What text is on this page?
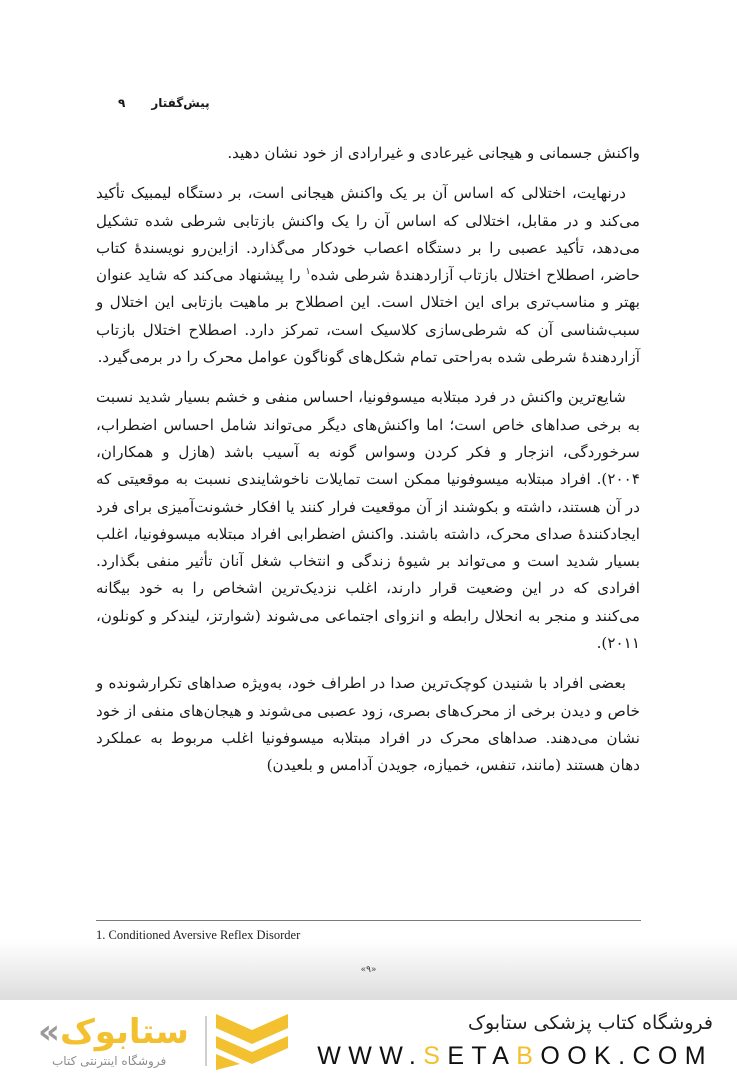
پیش‌گفتار
۹

واکنش جسمانی و هیجانی غیرعادی و غیرارادی از خود نشان دهید.

درنهایت، اختلالی که اساس آن بر یک واکنش هیجانی است، بر دستگاه لیمبیک تأکید می‌کند و در مقابل، اختلالی که اساس آن را یک واکنش بازتابی شرطی شده تشکیل می‌دهد، تأکید عصبی را بر دستگاه اعصاب خودکار می‌گذارد. ازاین‌رو نویسندهٔ کتاب حاضر، اصطلاح اختلال بازتاب آزاردهندهٔ شرطی شده$^۱$ را پیشنهاد می‌کند که شاید عنوان بهتر و مناسب‌تری برای این اختلال است. این اصطلاح بر ماهیت بازتابی این اختلال و سبب‌شناسی آن که شرطی‌سازی کلاسیک است، تمرکز دارد. اصطلاح اختلال بازتاب آزاردهندهٔ شرطی شده به‌راحتی تمام شکل‌های گوناگون عوامل محرک را در برمی‌گیرد.

شایع‌ترین واکنش در فرد مبتلابه میسوفونیا، احساس منفی و خشم بسیار شدید نسبت به برخی صداهای خاص است؛ اما واکنش‌های دیگر می‌تواند شامل احساس اضطراب، سرخوردگی، انزجار و فکر کردن وسواس گونه به آسیب باشد (هازل و همکاران، ۲۰۰۴). افراد مبتلابه میسوفونیا ممکن است تمایلات ناخوشایندی نسبت به موقعیتی که در آن هستند، داشته و بکوشند از آن موقعیت فرار کنند یا افکار خشونت‌آمیزی برای فرد ایجادکنندهٔ صدای محرک، داشته باشند. واکنش اضطرابی افراد مبتلابه میسوفونیا، اغلب بسیار شدید است و می‌تواند بر شیوهٔ زندگی و انتخاب شغل آنان تأثیر منفی بگذارد. افرادی که در این وضعیت قرار دارند، اغلب نزدیک‌ترین اشخاص را به خود بیگانه می‌کنند و منجر به انحلال رابطه و انزوای اجتماعی می‌شوند (شوارتز، لیندکر و کونلون، ۲۰۱۱).

بعضی افراد با شنیدن کوچک‌ترین صدا در اطراف خود، به‌ویژه صداهای تکرارشونده و خاص و دیدن برخی از محرک‌های بصری، زود عصبی می‌شوند و هیجان‌های منفی از خود نشان می‌دهند. صداهای محرک در افراد مبتلابه میسوفونیا اغلب مربوط به عملکرد دهان هستند (مانند، تنفس، خمیازه، جویدن آدامس و بلعیدن)

1. Conditioned Aversive Reflex Disorder
«۹»
«ستابوک
فروشگاه اینترنتی کتاب
فروشگاه کتاب پزشکی ستابوک
WWW.SETABOOK.COM
